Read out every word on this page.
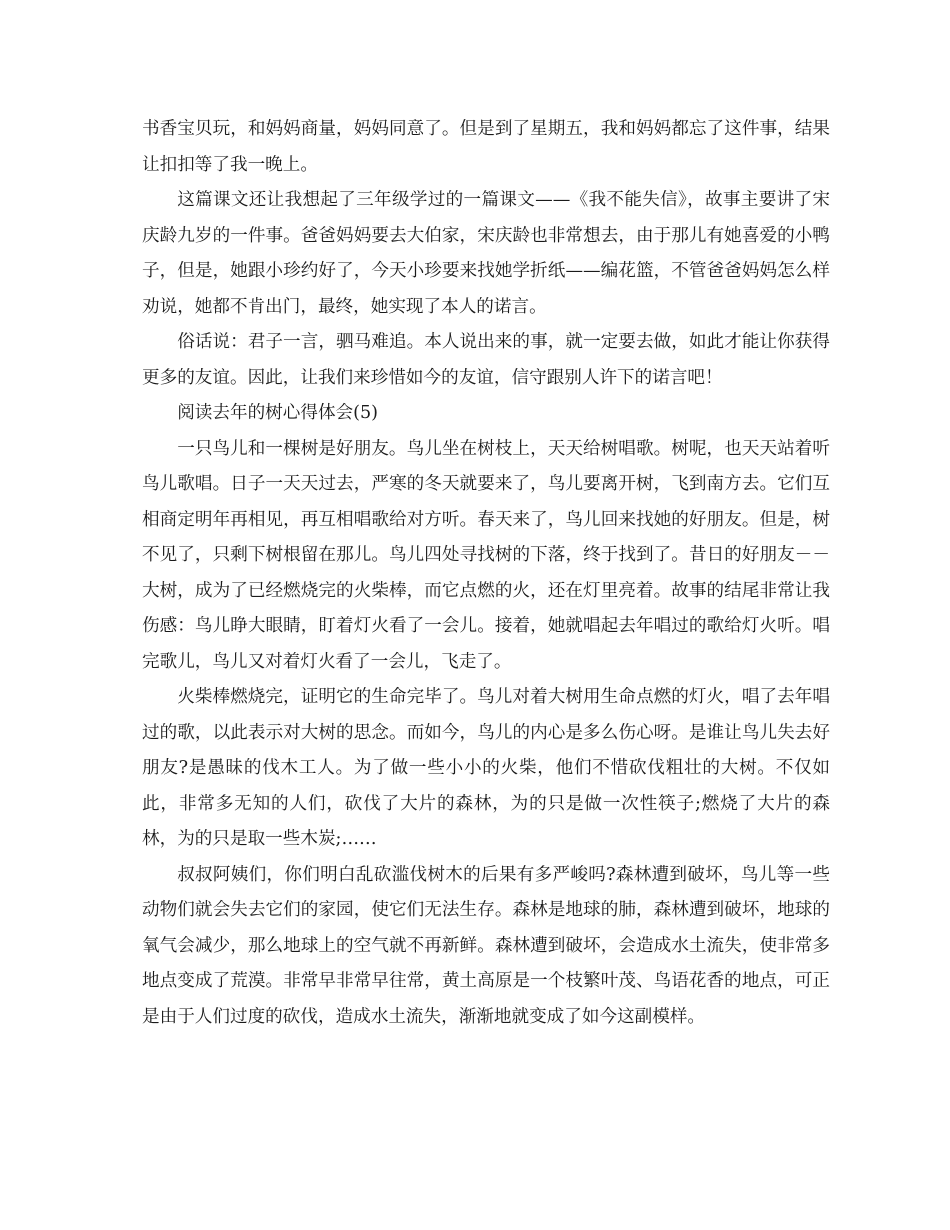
书香宝贝玩，和妈妈商量，妈妈同意了。但是到了星期五，我和妈妈都忘了这件事，结果让扣扣等了我一晚上。

这篇课文还让我想起了三年级学过的一篇课文——《我不能失信》，故事主要讲了宋庆龄九岁的一件事。爸爸妈妈要去大伯家，宋庆龄也非常想去，由于那儿有她喜爱的小鸭子，但是，她跟小珍约好了，今天小珍要来找她学折纸——编花篮，不管爸爸妈妈怎么样劝说，她都不肯出门，最终，她实现了本人的诺言。

俗话说：君子一言，驷马难追。本人说出来的事，就一定要去做，如此才能让你获得更多的友谊。因此，让我们来珍惜如今的友谊，信守跟别人许下的诺言吧！

阅读去年的树心得体会(5)

一只鸟儿和一棵树是好朋友。鸟儿坐在树枝上，天天给树唱歌。树呢，也天天站着听鸟儿歌唱。日子一天天过去，严寒的冬天就要来了，鸟儿要离开树，飞到南方去。它们互相商定明年再相见，再互相唱歌给对方听。春天来了，鸟儿回来找她的好朋友。但是，树不见了，只剩下树根留在那儿。鸟儿四处寻找树的下落，终于找到了。昔日的好朋友－－大树，成为了已经燃烧完的火柴棒，而它点燃的火，还在灯里亮着。故事的结尾非常让我伤感：鸟儿睁大眼睛，盯着灯火看了一会儿。接着，她就唱起去年唱过的歌给灯火听。唱完歌儿，鸟儿又对着灯火看了一会儿，飞走了。

火柴棒燃烧完，证明它的生命完毕了。鸟儿对着大树用生命点燃的灯火，唱了去年唱过的歌，以此表示对大树的思念。而如今，鸟儿的内心是多么伤心呀。是谁让鸟儿失去好朋友?是愚昧的伐木工人。为了做一些小小的火柴，他们不惜砍伐粗壮的大树。不仅如此，非常多无知的人们，砍伐了大片的森林，为的只是做一次性筷子;燃烧了大片的森林，为的只是取一些木炭;……

叔叔阿姨们，你们明白乱砍滥伐树木的后果有多严峻吗?森林遭到破坏，鸟儿等一些动物们就会失去它们的家园，使它们无法生存。森林是地球的肺，森林遭到破坏，地球的氧气会减少，那么地球上的空气就不再新鲜。森林遭到破坏，会造成水土流失，使非常多地点变成了荒漠。非常早非常早往常，黄土高原是一个枝繁叶茂、鸟语花香的地点，可正是由于人们过度的砍伐，造成水土流失，渐渐地就变成了如今这副模样。
